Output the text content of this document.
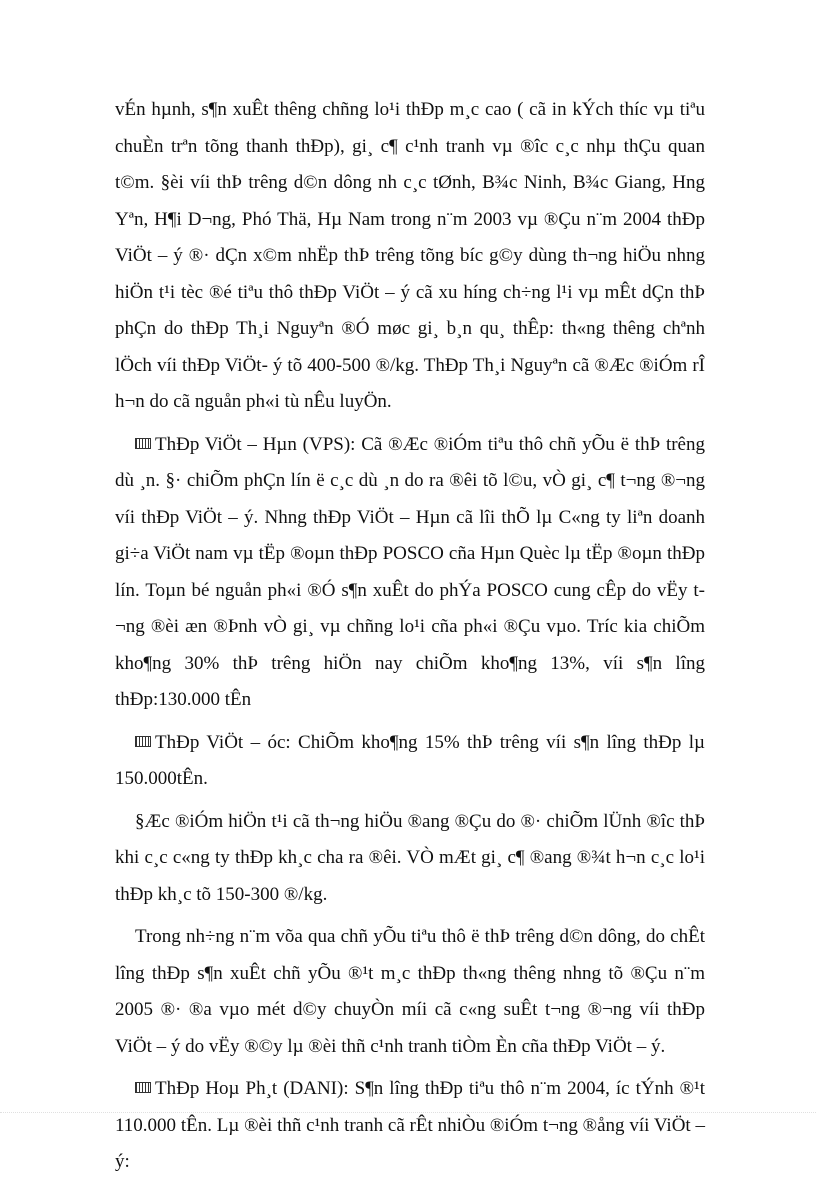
vÉn hµnh, s¶n xuÊt thêng chñng lo¹i thÐp m¸c cao ( cã in kÝch thíc vµ tiªu chuÈn trªn tõng thanh thÐp), gi¸ c¶ c¹nh tranh vµ ®îc c¸c nhµ thÇu quan t©m. §èi víi thÞ trêng d©n dông nh c¸c tØnh, B¾c Ninh, B¾c Giang, Hng Yªn, H¶i D¬ng, Phó Thä, Hµ Nam trong n¨m 2003 vµ ®Çu n¨m 2004 thÐp ViÖt – ý ®· dÇn x©m nhËp thÞ trêng tõng bíc g©y dùng th¬ng hiÖu nhng hiÖn t¹i tèc ®é tiªu thô thÐp ViÖt – ý cã xu híng ch÷ng l¹i vµ mÊt dÇn thÞ phÇn do thÐp Th¸i Nguyªn ®Ó møc gi¸ b¸n qu¸ thÊp: th«ng thêng chªnh lÖch víi thÐp ViÖt- ý tõ 400-500 ®/kg. ThÐp Th¸i Nguyªn cã ®Æc ®iÓm rÎ h¬n do cã nguån ph«i tù nÊu luyÖn.

ThÐp ViÖt – Hµn (VPS): Cã ®Æc ®iÓm tiªu thô chñ yÕu ë thÞ trêng dù ¸n. §· chiÕm phÇn lín ë c¸c dù ¸n do ra ®êi tõ l©u, vÒ gi¸ c¶ t¬ng ®¬ng víi thÐp ViÖt – ý. Nhng thÐp ViÖt – Hµn cã lîi thÕ lµ C«ng ty liªn doanh gi÷a ViÖt nam vµ tËp ®oµn thÐp POSCO cña Hµn Quèc lµ tËp ®oµn thÐp lín. Toµn bé nguån ph«i ®Ó s¶n xuÊt do phÝa POSCO cung cÊp do vËy t¬ng ®èi æn ®Þnh vÒ gi¸ vµ chñng lo¹i cña ph«i ®Çu vµo. Tríc kia chiÕm kho¶ng 30% thÞ trêng hiÖn nay chiÕm kho¶ng 13%, víi s¶n lîng thÐp:130.000 tÊn

ThÐp ViÖt – óc: ChiÕm kho¶ng 15% thÞ trêng víi s¶n lîng thÐp lµ 150.000tÊn.

§Æc ®iÓm hiÖn t¹i cã th¬ng hiÖu ®ang ®Çu do ®· chiÕm lÜnh ®îc thÞ khi c¸c c«ng ty thÐp kh¸c cha ra ®êi. VÒ mÆt gi¸ c¶ ®ang ®¾t h¬n c¸c lo¹i thÐp kh¸c tõ 150-300 ®/kg.

Trong nh÷ng n¨m võa qua chñ yÕu tiªu thô ë thÞ trêng d©n dông, do chÊt lîng thÐp s¶n xuÊt chñ yÕu ®¹t m¸c thÐp th«ng thêng nhng tõ ®Çu n¨m 2005 ®· ®a vµo mét d©y chuyÒn míi cã c«ng suÊt t¬ng ®¬ng víi thÐp ViÖt – ý do vËy ®©y lµ ®èi thñ c¹nh tranh tiÒm Èn cña thÐp ViÖt – ý.

ThÐp Hoµ Ph¸t (DANI): S¶n lîng thÐp tiªu thô n¨m 2004, íc tÝnh ®¹t 110.000 tÊn. Lµ ®èi thñ c¹nh tranh cã rÊt nhiÒu ®iÓm t¬ng ®ång víi ViÖt – ý:
